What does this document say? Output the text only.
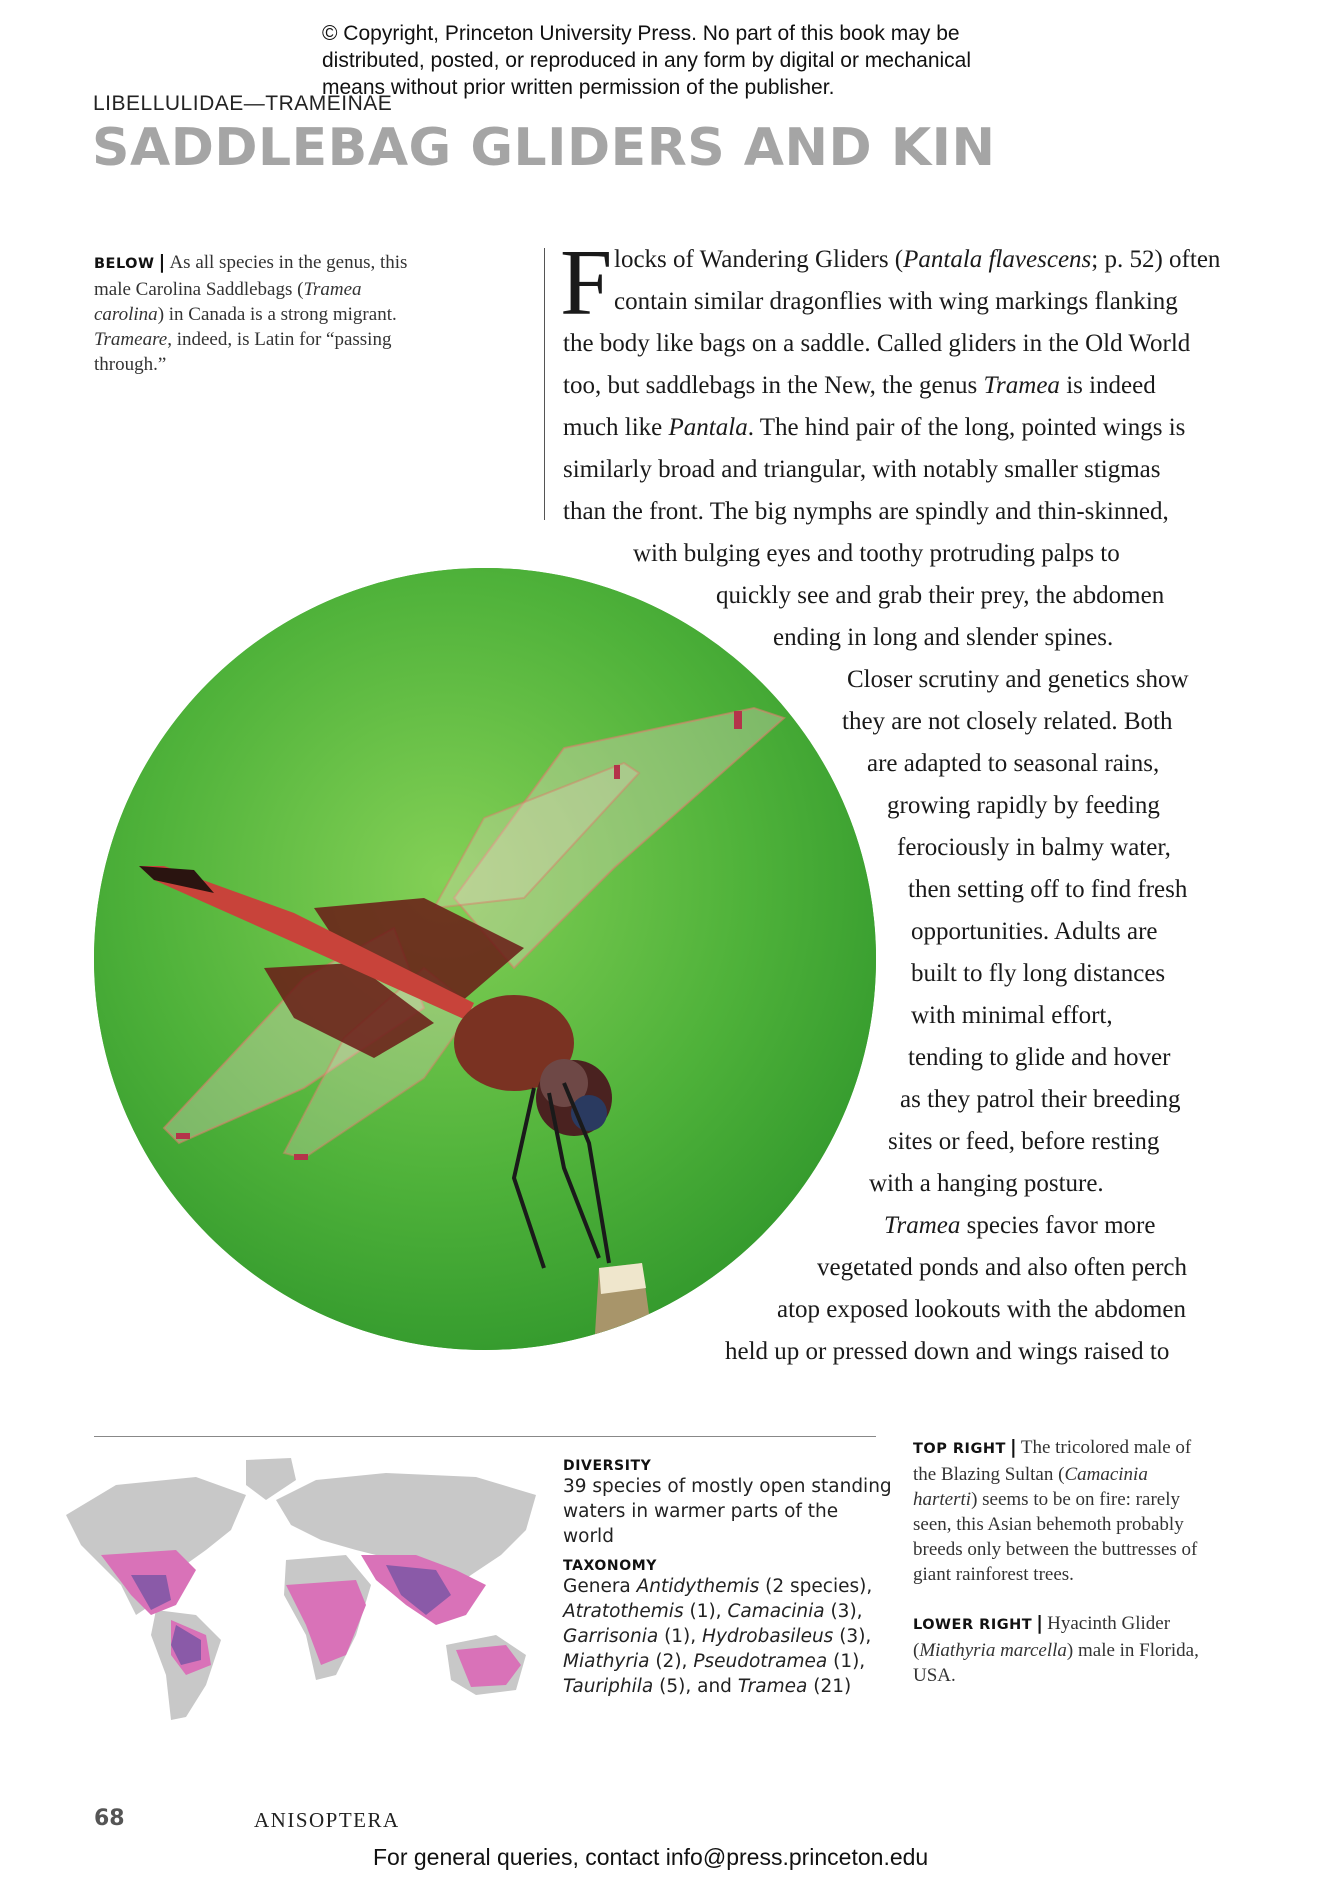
© Copyright, Princeton University Press. No part of this book may be
distributed, posted, or reproduced in any form by digital or mechanical
means without prior written permission of the publisher.
LIBELLULIDAE—TRAMEINAE
SADDLEBAG GLIDERS AND KIN
BELOW | As all species in the genus, this male Carolina Saddlebags (Tramea carolina) in Canada is a strong migrant. Trameare, indeed, is Latin for “passing through.”
F locks of Wandering Gliders (Pantala flavescens; p. 52) often
contain similar dragonflies with wing markings flanking
the body like bags on a saddle. Called gliders in the Old World
too, but saddlebags in the New, the genus Tramea is indeed
much like Pantala. The hind pair of the long, pointed wings is
similarly broad and triangular, with notably smaller stigmas
than the front. The big nymphs are spindly and thin-skinned,
with bulging eyes and toothy protruding palps to
quickly see and grab their prey, the abdomen
ending in long and slender spines.
Closer scrutiny and genetics show
they are not closely related. Both
are adapted to seasonal rains,
growing rapidly by feeding
ferociously in balmy water,
then setting off to find fresh
opportunities. Adults are
built to fly long distances
with minimal effort,
tending to glide and hover
as they patrol their breeding
sites or feed, before resting
with a hanging posture.
Tramea species favor more
vegetated ponds and also often perch
atop exposed lookouts with the abdomen
held up or pressed down and wings raised to
DIVERSITY
39 species of mostly open standing waters in warmer parts of the world
TAXONOMY
Genera Antidythemis (2 species), Atratothemis (1), Camacinia (3), Garrisonia (1), Hydrobasileus (3), Miathyria (2), Pseudotramea (1), Tauriphila (5), and Tramea (21)
TOP RIGHT | The tricolored male of the Blazing Sultan (Camacinia harterti) seems to be on fire: rarely seen, this Asian behemoth probably breeds only between the buttresses of giant rainforest trees.
LOWER RIGHT | Hyacinth Glider (Miathyria marcella) male in Florida, USA.
68	ANISOPTERA
For general queries, contact info@press.princeton.edu
